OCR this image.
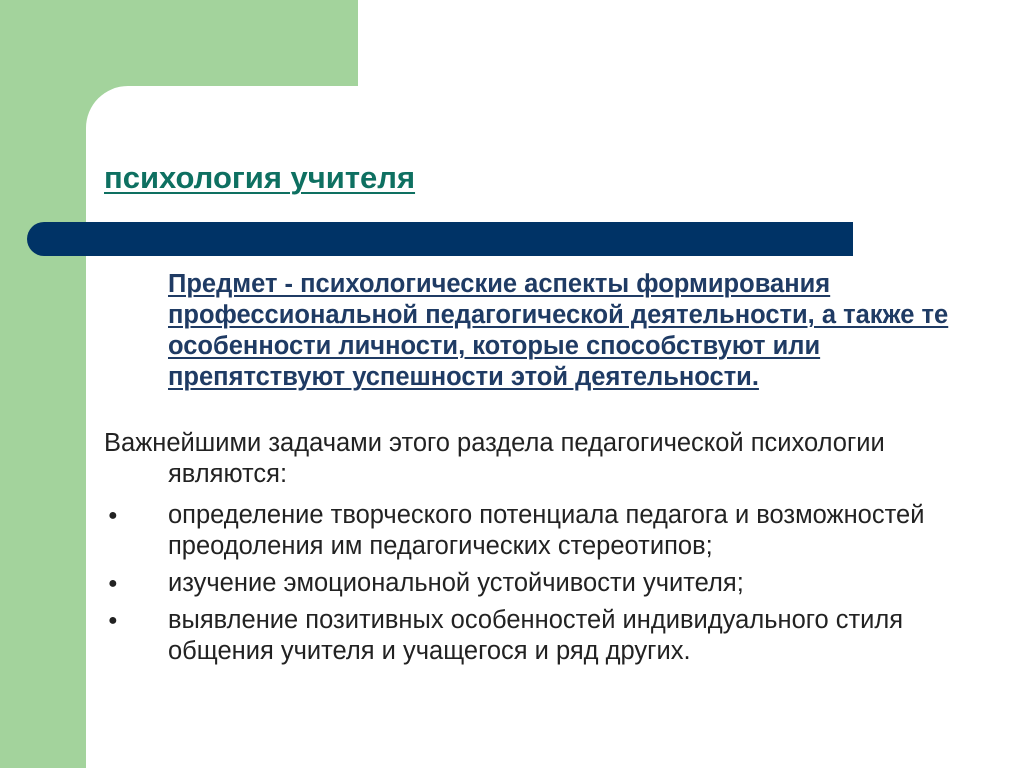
психология учителя

Предмет - психологические аспекты формирования профессиональной педагогической деятельности, а также те особенности личности, которые способствуют или препятствуют успешности этой деятельности.

Важнейшими задачами этого раздела педагогической психологии являются:

● определение творческого потенциала педагога и возможностей преодоления им педагогических стереотипов;
● изучение эмоциональной устойчивости учителя;
● выявление позитивных особенностей индивидуального стиля общения учителя и учащегося и ряд других.
